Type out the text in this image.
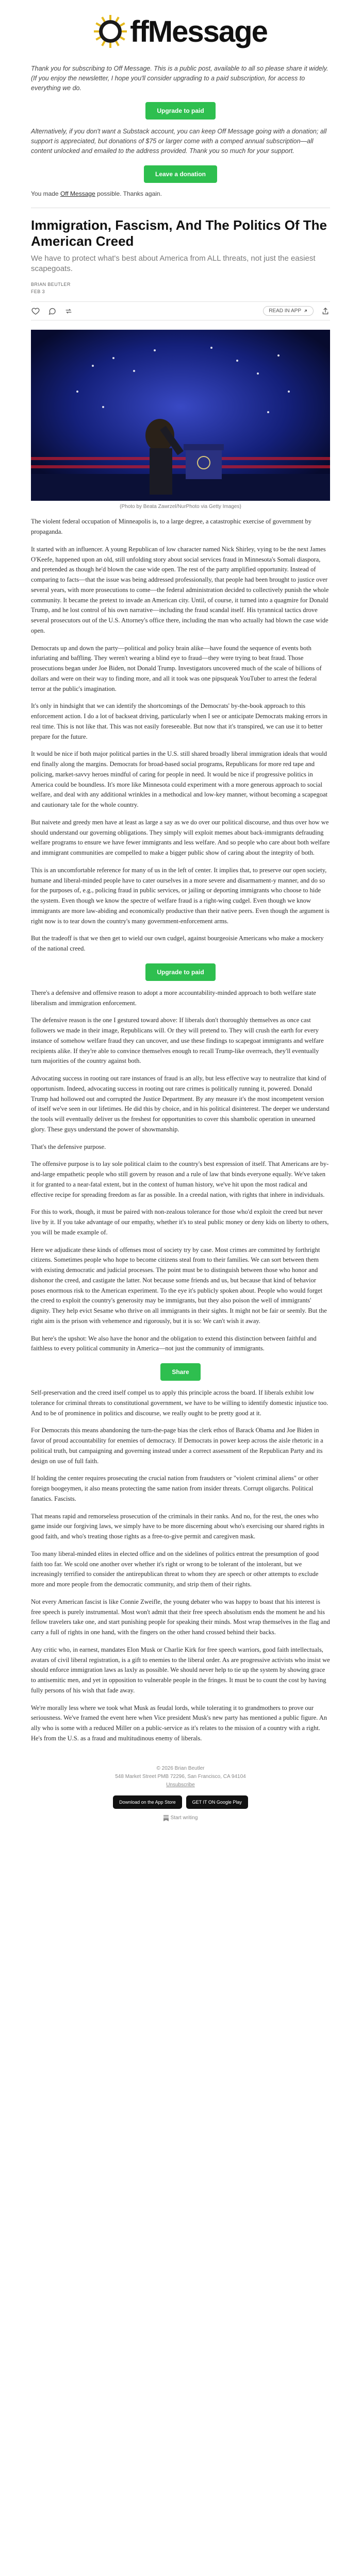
ffMessage

Thank you for subscribing to Off Message. This is a public post, available to all so please share it widely. (If you enjoy the newsletter, I hope you'll consider upgrading to a paid subscription, for access to everything we do.

Upgrade to paid

Alternatively, if you don't want a Substack account, you can keep Off Message going with a donation; all support is appreciated, but donations of $75 or larger come with a comped annual subscription—all content unlocked and emailed to the address provided. Thank you so much for your support.

Leave a donation

You made Off Message possible. Thanks again.

Immigration, Fascism, And The Politics Of The American Creed
We have to protect what's best about America from ALL threats, not just the easiest scapegoats.
BRIAN BEUTLER
FEB 3
READ IN APP
(Photo by Beata Zawrzel/NurPhoto via Getty Images)

The violent federal occupation of Minneapolis is, to a large degree, a catastrophic exercise of government by propaganda.

It started with an influencer. A young Republican of low character named Nick Shirley, vying to be the next James O'Keefe, happened upon an old, still unfolding story about social services fraud in Minnesota's Somali diaspora, and pretended as though he'd blown the case wide open. The rest of the party amplified opportunity. Instead of comparing to facts—that the issue was being addressed professionally, that people had been brought to justice over several years, with more prosecutions to come—the federal administration decided to collectively punish the whole community. It became the pretext to invade an American city. Until, of course, it turned into a quagmire for Donald Trump, and he lost control of his own narrative—including the fraud scandal itself. His tyrannical tactics drove several prosecutors out of the U.S. Attorney's office there, including the man who actually had blown the case wide open.

Democrats up and down the party—political and policy brain alike—have found the sequence of events both infuriating and baffling. They weren't wearing a blind eye to fraud—they were trying to beat fraud. Those prosecutions began under Joe Biden, not Donald Trump. Investigators uncovered much of the scale of billions of dollars and were on their way to finding more, and all it took was one pipsqueak YouTuber to arrest the federal terror at the public's imagination.

It's only in hindsight that we can identify the shortcomings of the Democrats' by-the-book approach to this enforcement action. I do a lot of backseat driving, particularly when I see or anticipate Democrats making errors in real time. This is not like that. This was not easily foreseeable. But now that it's transpired, we can use it to better prepare for the future.

It would be nice if both major political parties in the U.S. still shared broadly liberal immigration ideals that would end finally along the margins. Democrats for broad-based social programs, Republicans for more red tape and policing, market-savvy heroes mindful of caring for people in need. It would be nice if progressive politics in America could be boundless. It's more like Minnesota could experiment with a more generous approach to social welfare, and deal with any additional wrinkles in a methodical and low-key manner, without becoming a scapegoat and cautionary tale for the whole country.

But naivete and greedy men have at least as large a say as we do over our political discourse, and thus over how we should understand our governing obligations. They simply will exploit memes about back-immigrants defrauding welfare programs to ensure we have fewer immigrants and less welfare. And so people who care about both welfare and immigrant communities are compelled to make a bigger public show of caring about the integrity of both.

This is an uncomfortable reference for many of us in the left of center. It implies that, to preserve our open society, humane and liberal-minded people have to cater ourselves in a more severe and disarmament-y manner, and do so for the purposes of, e.g., policing fraud in public services, or jailing or deporting immigrants who choose to hide the system. Even though we know the spectre of welfare fraud is a right-wing cudgel. Even though we know immigrants are more law-abiding and economically productive than their native peers. Even though the argument is right now is to tear down the country's many government-enforcement arms.

But the tradeoff is that we then get to wield our own cudgel, against bourgeoisie Americans who make a mockery of the national creed.

Upgrade to paid

There's a defensive and offensive reason to adopt a more accountability-minded approach to both welfare state liberalism and immigration enforcement.

The defensive reason is the one I gestured toward above: If liberals don't thoroughly themselves as once cast followers we made in their image, Republicans will. Or they will pretend to. They will crush the earth for every instance of somehow welfare fraud they can uncover, and use these findings to scapegoat immigrants and welfare recipients alike. If they're able to convince themselves enough to recall Trump-like overreach, they'll eventually turn majorities of the country against both.

Advocating success in rooting out rare instances of fraud is an ally, but less effective way to neutralize that kind of opportunism. Indeed, advocating success in rooting out rare crimes is politically running it, powered. Donald Trump had hollowed out and corrupted the Justice Department. By any measure it's the most incompetent version of itself we've seen in our lifetimes. He did this by choice, and in his political disinterest. The deeper we understand the tools will eventually deliver us the freshest for opportunities to cover this shambolic operation in unearned glory. These guys understand the power of showmanship.

That's the defensive purpose.

The offensive purpose is to lay sole political claim to the country's best expression of itself. That Americans are by-and-large empathetic people who still govern by reason and a rule of law that binds everyone equally. We've taken it for granted to a near-fatal extent, but in the context of human history, we've hit upon the most radical and effective recipe for spreading freedom as far as possible. In a creedal nation, with rights that inhere in individuals.

For this to work, though, it must be paired with non-zealous tolerance for those who'd exploit the creed but never live by it. If you take advantage of our empathy, whether it's to steal public money or deny kids on liberty to others, you will be made example of.

Here we adjudicate these kinds of offenses most of society try by case. Most crimes are committed by forthright citizens. Sometimes people who hope to become citizens steal from to their families. We can sort between them with existing democratic and judicial processes. The point must be to distinguish between those who honor and dishonor the creed, and castigate the latter. Not because some friends and us, but because that kind of behavior poses enormous risk to the American experiment. To the eye it's publicly spoken about. People who would forget the creed to exploit the country's generosity may be immigrants, but they also poison the well of immigrants' dignity. They help evict Sesame who thrive on all immigrants in their sights. It might not be fair or seemly. But the right aim is the prison with vehemence and rigorously, but it is so: We can't wish it away.

But here's the upshot: We also have the honor and the obligation to extend this distinction between faithful and faithless to every political community in America—not just the community of immigrants.

Share

Self-preservation and the creed itself compel us to apply this principle across the board. If liberals exhibit low tolerance for criminal threats to constitutional government, we have to be willing to identify domestic injustice too. And to be of prominence in politics and discourse, we really ought to be pretty good at it.

For Democrats this means abandoning the turn-the-page bias the clerk ethos of Barack Obama and Joe Biden in favor of proud accountability for enemies of democracy. If Democrats in power keep across the aisle rhetoric in a political truth, but campaigning and governing instead under a correct assessment of the Republican Party and its design on use of full faith.

If holding the center requires prosecuting the crucial nation from fraudsters or "violent criminal aliens" or other foreign boogeymen, it also means protecting the same nation from insider threats. Corrupt oligarchs. Political fanatics. Fascists.

That means rapid and remorseless prosecution of the criminals in their ranks. And no, for the rest, the ones who game inside our forgiving laws, we simply have to be more discerning about who's exercising our shared rights in good faith, and who's treating those rights as a free-to-give permit and caregiven mask.

Too many liberal-minded elites in elected office and on the sidelines of politics entreat the presumption of good faith too far. We scold one another over whether it's right or wrong to be tolerant of the intolerant, but we increasingly terrified to consider the antirepublican threat to whom they are speech or other attempts to exclude more and more people from the democratic community, and strip them of their rights.

Not every American fascist is like Connie Zweifle, the young debater who was happy to boast that his interest is free speech is purely instrumental. Most won't admit that their free speech absolutism ends the moment he and his fellow travelers take one, and start punishing people for speaking their minds. Most wrap themselves in the flag and carry a full of rights in one hand, with the fingers on the other hand crossed behind their backs.

Any critic who, in earnest, mandates Elon Musk or Charlie Kirk for free speech warriors, good faith intellectuals, avatars of civil liberal registration, is a gift to enemies to the liberal order. As are progressive activists who insist we should enforce immigration laws as laxly as possible. We should never help to tie up the system by showing grace to antisemitic men, and yet in opposition to vulnerable people in the fringes. It must be to count the cost by having fully persons of his wish that fade away.

We're morally less where we took what Musk as feudal lords, while tolerating it to grandmothers to prove our seriousness. We've framed the event here when Vice president Musk's new party has mentioned a public figure. An ally who is some with a reduced Miller on a public-service as it's relates to the mission of a country with a right. He's from the U.S. as a fraud and multitudinous enemy of liberals.

© 2026 Brian Beutler
548 Market Street PMB 72296, San Francisco, CA 94104
Unsubscribe
Download on the App Store	GET IT ON Google Play
Start writing
